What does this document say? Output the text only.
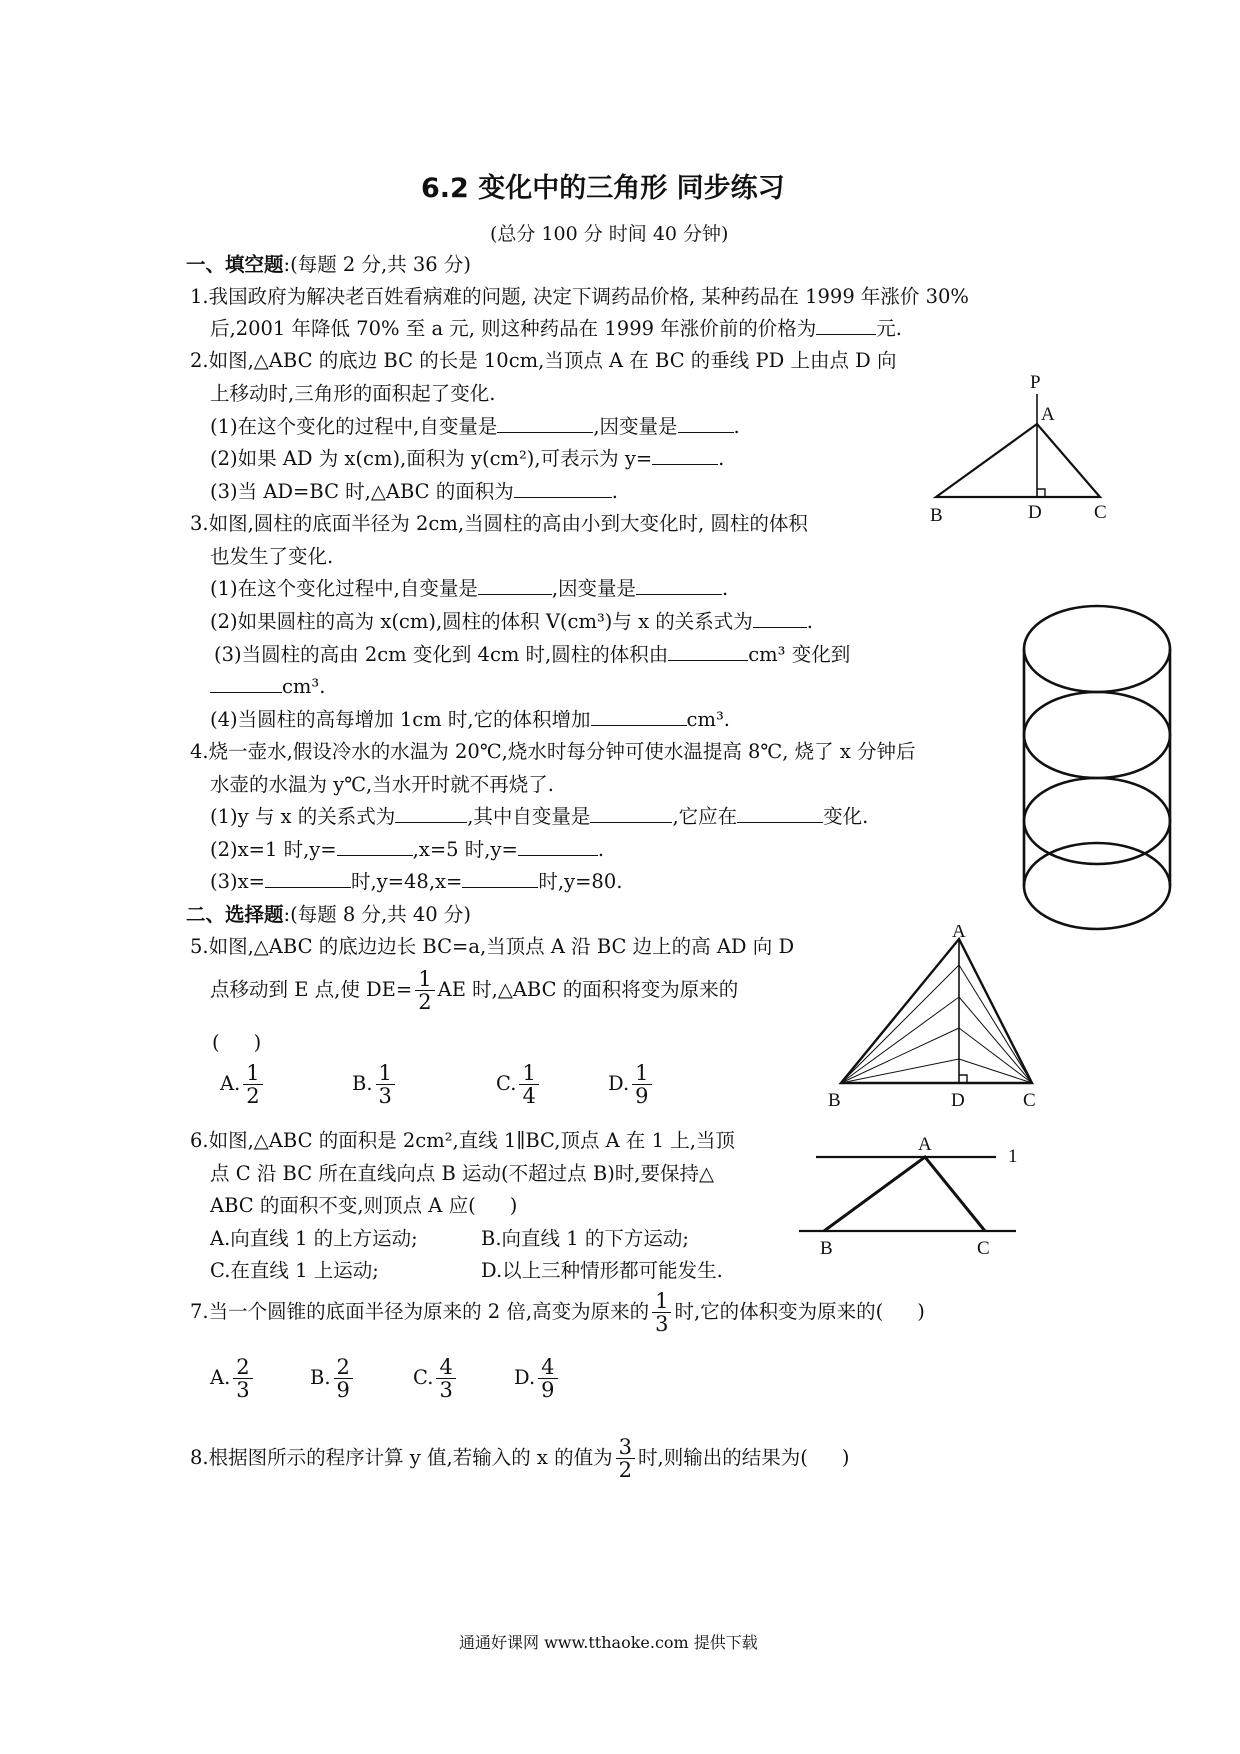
6.2 变化中的三角形 同步练习
(总分 100 分 时间 40 分钟)
一、填空题:(每题 2 分,共 36 分)
1.我国政府为解决老百姓看病难的问题, 决定下调药品价格, 某种药品在 1999 年涨价 30%
后,2001 年降低 70% 至 a 元, 则这种药品在 1999 年涨价前的价格为	元.
2.如图,△ABC 的底边 BC 的长是 10cm,当顶点 A 在 BC 的垂线 PD 上由点 D 向
上移动时,三角形的面积起了变化.
(1)在这个变化的过程中,自变量是	,因变量是	.
(2)如果 AD 为 x(cm),面积为 y(cm²),可表示为 y=	.
(3)当 AD=BC 时,△ABC 的面积为	.
P
A
B	D	C
3.如图,圆柱的底面半径为 2cm,当圆柱的高由小到大变化时, 圆柱的体积
也发生了变化.
(1)在这个变化过程中,自变量是	,因变量是	.
(2)如果圆柱的高为 x(cm),圆柱的体积 V(cm³)与 x 的关系式为	.
(3)当圆柱的高由 2cm 变化到 4cm 时,圆柱的体积由	cm³ 变化到
cm³.
(4)当圆柱的高每增加 1cm 时,它的体积增加	cm³.
4.烧一壶水,假设冷水的水温为 20℃,烧水时每分钟可使水温提高 8℃, 烧了 x 分钟后
水壶的水温为 y℃,当水开时就不再烧了.
(1)y 与 x 的关系式为	,其中自变量是	,它应在	变化.
(2)x=1 时,y=	,x=5 时,y=	.
(3)x=	时,y=48,x=	时,y=80.
二、选择题:(每题 8 分,共 40 分)
5.如图,△ABC 的底边边长 BC=a,当顶点 A 沿 BC 边上的高 AD 向 D
点移动到 E 点,使 $DE= \frac{1}{2}$ AE 时,△ABC 的面积将变为原来的
( )
A. $\frac{1}{2}$	B. $\frac{1}{3}$	C. $\frac{1}{4}$	D. $\frac{1}{9}$
A
B	D	C
6.如图,△ABC 的面积是 2cm²,直线 1∥BC,顶点 A 在 1 上,当顶
点 C 沿 BC 所在直线向点 B 运动(不超过点 B)时,要保持△
ABC 的面积不变,则顶点 A 应( )
A.向直线 1 的上方运动;	B.向直线 1 的下方运动;
C.在直线 1 上运动;	D.以上三种情形都可能发生.
A
1
B	C
7.当一个圆锥的底面半径为原来的 2 倍,高变为原来的 $\frac{1}{3}$ 时,它的体积变为原来的( )
A. $\frac{2}{3}$	B. $\frac{2}{9}$	C. $\frac{4}{3}$	D. $\frac{4}{9}$
8.根据图所示的程序计算 y 值,若输入的 x 的值为 $\frac{3}{2}$ 时,则输出的结果为( )
通通好课网 www.tthaoke.com 提供下载
